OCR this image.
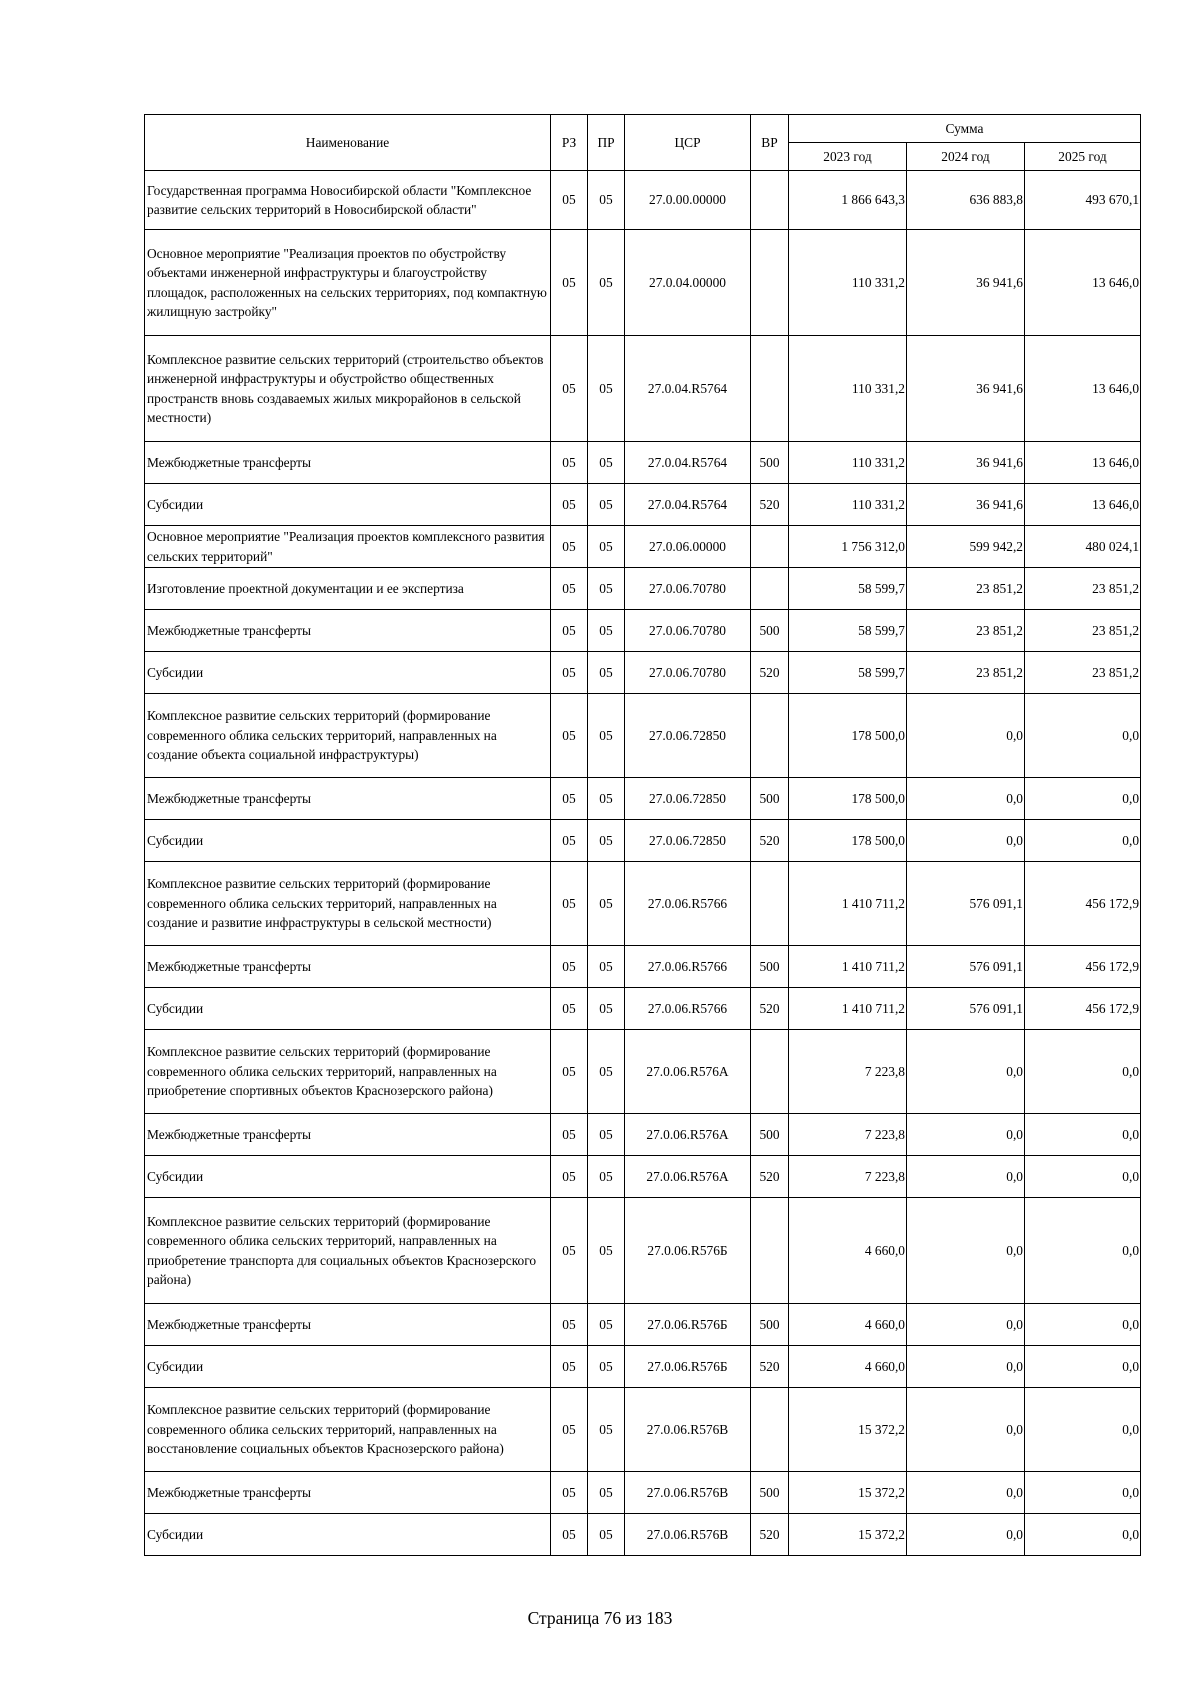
Наименование	РЗ	ПР	ЦСР	ВР	Сумма		
					2023 год	2024 год	2025 год
Государственная программа Новосибирской области "Комплексное развитие сельских территорий в Новосибирской области"	05	05	27.0.00.00000		1 866 643,3	636 883,8	493 670,1
Основное мероприятие "Реализация проектов по обустройству объектами инженерной инфраструктуры и благоустройству площадок, расположенных на сельских территориях, под компактную жилищную застройку"	05	05	27.0.04.00000		110 331,2	36 941,6	13 646,0
Комплексное развитие сельских территорий (строительство объектов инженерной инфраструктуры и обустройство общественных пространств вновь создаваемых жилых микрорайонов в сельской местности)	05	05	27.0.04.R5764		110 331,2	36 941,6	13 646,0
Межбюджетные трансферты	05	05	27.0.04.R5764	500	110 331,2	36 941,6	13 646,0
Субсидии	05	05	27.0.04.R5764	520	110 331,2	36 941,6	13 646,0
Основное мероприятие "Реализация проектов комплексного развития сельских территорий"	05	05	27.0.06.00000		1 756 312,0	599 942,2	480 024,1
Изготовление проектной документации и ее экспертиза	05	05	27.0.06.70780		58 599,7	23 851,2	23 851,2
Межбюджетные трансферты	05	05	27.0.06.70780	500	58 599,7	23 851,2	23 851,2
Субсидии	05	05	27.0.06.70780	520	58 599,7	23 851,2	23 851,2
Комплексное развитие сельских территорий (формирование современного облика сельских территорий, направленных на создание объекта социальной инфраструктуры)	05	05	27.0.06.72850		178 500,0	0,0	0,0
Межбюджетные трансферты	05	05	27.0.06.72850	500	178 500,0	0,0	0,0
Субсидии	05	05	27.0.06.72850	520	178 500,0	0,0	0,0
Комплексное развитие сельских территорий (формирование современного облика сельских территорий, направленных на создание и развитие инфраструктуры в сельской местности)	05	05	27.0.06.R5766		1 410 711,2	576 091,1	456 172,9
Межбюджетные трансферты	05	05	27.0.06.R5766	500	1 410 711,2	576 091,1	456 172,9
Субсидии	05	05	27.0.06.R5766	520	1 410 711,2	576 091,1	456 172,9
Комплексное развитие сельских территорий (формирование современного облика сельских территорий, направленных на приобретение спортивных объектов Краснозерского района)	05	05	27.0.06.R576А		7 223,8	0,0	0,0
Межбюджетные трансферты	05	05	27.0.06.R576А	500	7 223,8	0,0	0,0
Субсидии	05	05	27.0.06.R576А	520	7 223,8	0,0	0,0
Комплексное развитие сельских территорий (формирование современного облика сельских территорий, направленных на приобретение транспорта для социальных объектов Краснозерского района)	05	05	27.0.06.R576Б		4 660,0	0,0	0,0
Межбюджетные трансферты	05	05	27.0.06.R576Б	500	4 660,0	0,0	0,0
Субсидии	05	05	27.0.06.R576Б	520	4 660,0	0,0	0,0
Комплексное развитие сельских территорий (формирование современного облика сельских территорий, направленных на восстановление социальных объектов Краснозерского района)	05	05	27.0.06.R576В		15 372,2	0,0	0,0
Межбюджетные трансферты	05	05	27.0.06.R576В	500	15 372,2	0,0	0,0
Субсидии	05	05	27.0.06.R576В	520	15 372,2	0,0	0,0
Страница 76 из 183
